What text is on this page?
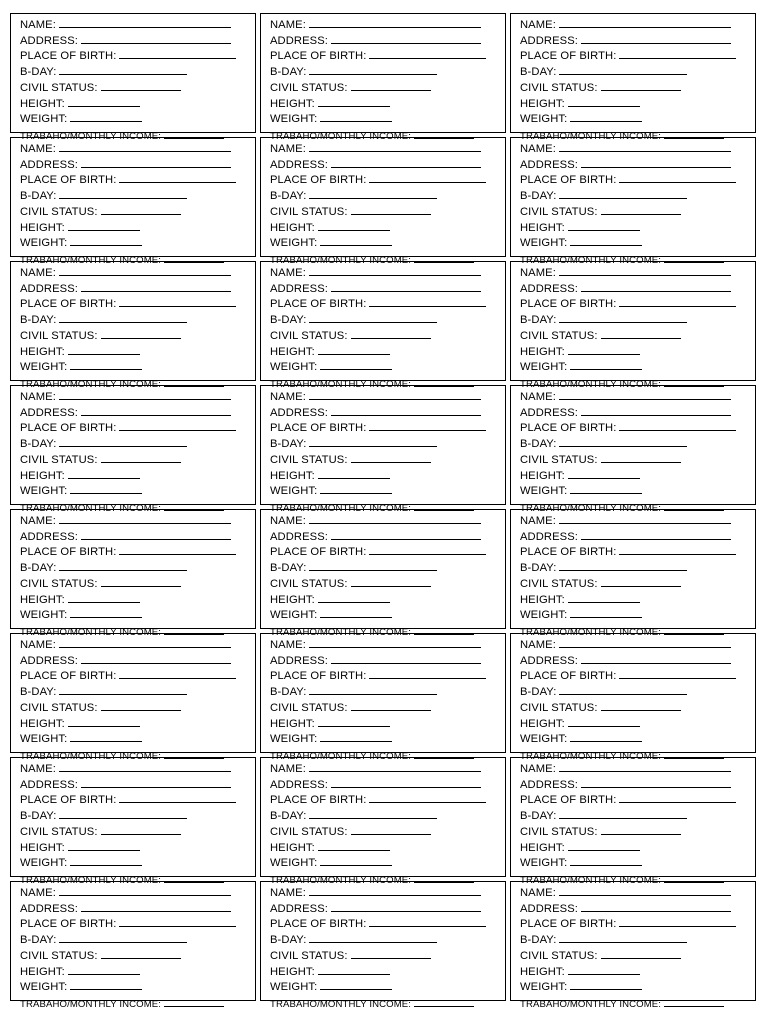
NAME:
ADDRESS:
PLACE OF BIRTH:
B-DAY:
CIVIL STATUS:
HEIGHT:
WEIGHT:
TRABAHO/MONTHLY INCOME:
NAME:
ADDRESS:
PLACE OF BIRTH:
B-DAY:
CIVIL STATUS:
HEIGHT:
WEIGHT:
TRABAHO/MONTHLY INCOME:
NAME:
ADDRESS:
PLACE OF BIRTH:
B-DAY:
CIVIL STATUS:
HEIGHT:
WEIGHT:
TRABAHO/MONTHLY INCOME:
NAME:
ADDRESS:
PLACE OF BIRTH:
B-DAY:
CIVIL STATUS:
HEIGHT:
WEIGHT:
TRABAHO/MONTHLY INCOME:
NAME:
ADDRESS:
PLACE OF BIRTH:
B-DAY:
CIVIL STATUS:
HEIGHT:
WEIGHT:
TRABAHO/MONTHLY INCOME:
NAME:
ADDRESS:
PLACE OF BIRTH:
B-DAY:
CIVIL STATUS:
HEIGHT:
WEIGHT:
TRABAHO/MONTHLY INCOME:
NAME:
ADDRESS:
PLACE OF BIRTH:
B-DAY:
CIVIL STATUS:
HEIGHT:
WEIGHT:
TRABAHO/MONTHLY INCOME:
NAME:
ADDRESS:
PLACE OF BIRTH:
B-DAY:
CIVIL STATUS:
HEIGHT:
WEIGHT:
TRABAHO/MONTHLY INCOME:
NAME:
ADDRESS:
PLACE OF BIRTH:
B-DAY:
CIVIL STATUS:
HEIGHT:
WEIGHT:
TRABAHO/MONTHLY INCOME:
NAME:
ADDRESS:
PLACE OF BIRTH:
B-DAY:
CIVIL STATUS:
HEIGHT:
WEIGHT:
TRABAHO/MONTHLY INCOME:
NAME:
ADDRESS:
PLACE OF BIRTH:
B-DAY:
CIVIL STATUS:
HEIGHT:
WEIGHT:
TRABAHO/MONTHLY INCOME:
NAME:
ADDRESS:
PLACE OF BIRTH:
B-DAY:
CIVIL STATUS:
HEIGHT:
WEIGHT:
TRABAHO/MONTHLY INCOME:
NAME:
ADDRESS:
PLACE OF BIRTH:
B-DAY:
CIVIL STATUS:
HEIGHT:
WEIGHT:
TRABAHO/MONTHLY INCOME:
NAME:
ADDRESS:
PLACE OF BIRTH:
B-DAY:
CIVIL STATUS:
HEIGHT:
WEIGHT:
TRABAHO/MONTHLY INCOME:
NAME:
ADDRESS:
PLACE OF BIRTH:
B-DAY:
CIVIL STATUS:
HEIGHT:
WEIGHT:
TRABAHO/MONTHLY INCOME:
NAME:
ADDRESS:
PLACE OF BIRTH:
B-DAY:
CIVIL STATUS:
HEIGHT:
WEIGHT:
TRABAHO/MONTHLY INCOME:
NAME:
ADDRESS:
PLACE OF BIRTH:
B-DAY:
CIVIL STATUS:
HEIGHT:
WEIGHT:
TRABAHO/MONTHLY INCOME:
NAME:
ADDRESS:
PLACE OF BIRTH:
B-DAY:
CIVIL STATUS:
HEIGHT:
WEIGHT:
TRABAHO/MONTHLY INCOME:
NAME:
ADDRESS:
PLACE OF BIRTH:
B-DAY:
CIVIL STATUS:
HEIGHT:
WEIGHT:
TRABAHO/MONTHLY INCOME:
NAME:
ADDRESS:
PLACE OF BIRTH:
B-DAY:
CIVIL STATUS:
HEIGHT:
WEIGHT:
TRABAHO/MONTHLY INCOME:
NAME:
ADDRESS:
PLACE OF BIRTH:
B-DAY:
CIVIL STATUS:
HEIGHT:
WEIGHT:
TRABAHO/MONTHLY INCOME:
NAME:
ADDRESS:
PLACE OF BIRTH:
B-DAY:
CIVIL STATUS:
HEIGHT:
WEIGHT:
TRABAHO/MONTHLY INCOME:
NAME:
ADDRESS:
PLACE OF BIRTH:
B-DAY:
CIVIL STATUS:
HEIGHT:
WEIGHT:
TRABAHO/MONTHLY INCOME:
NAME:
ADDRESS:
PLACE OF BIRTH:
B-DAY:
CIVIL STATUS:
HEIGHT:
WEIGHT:
TRABAHO/MONTHLY INCOME:
